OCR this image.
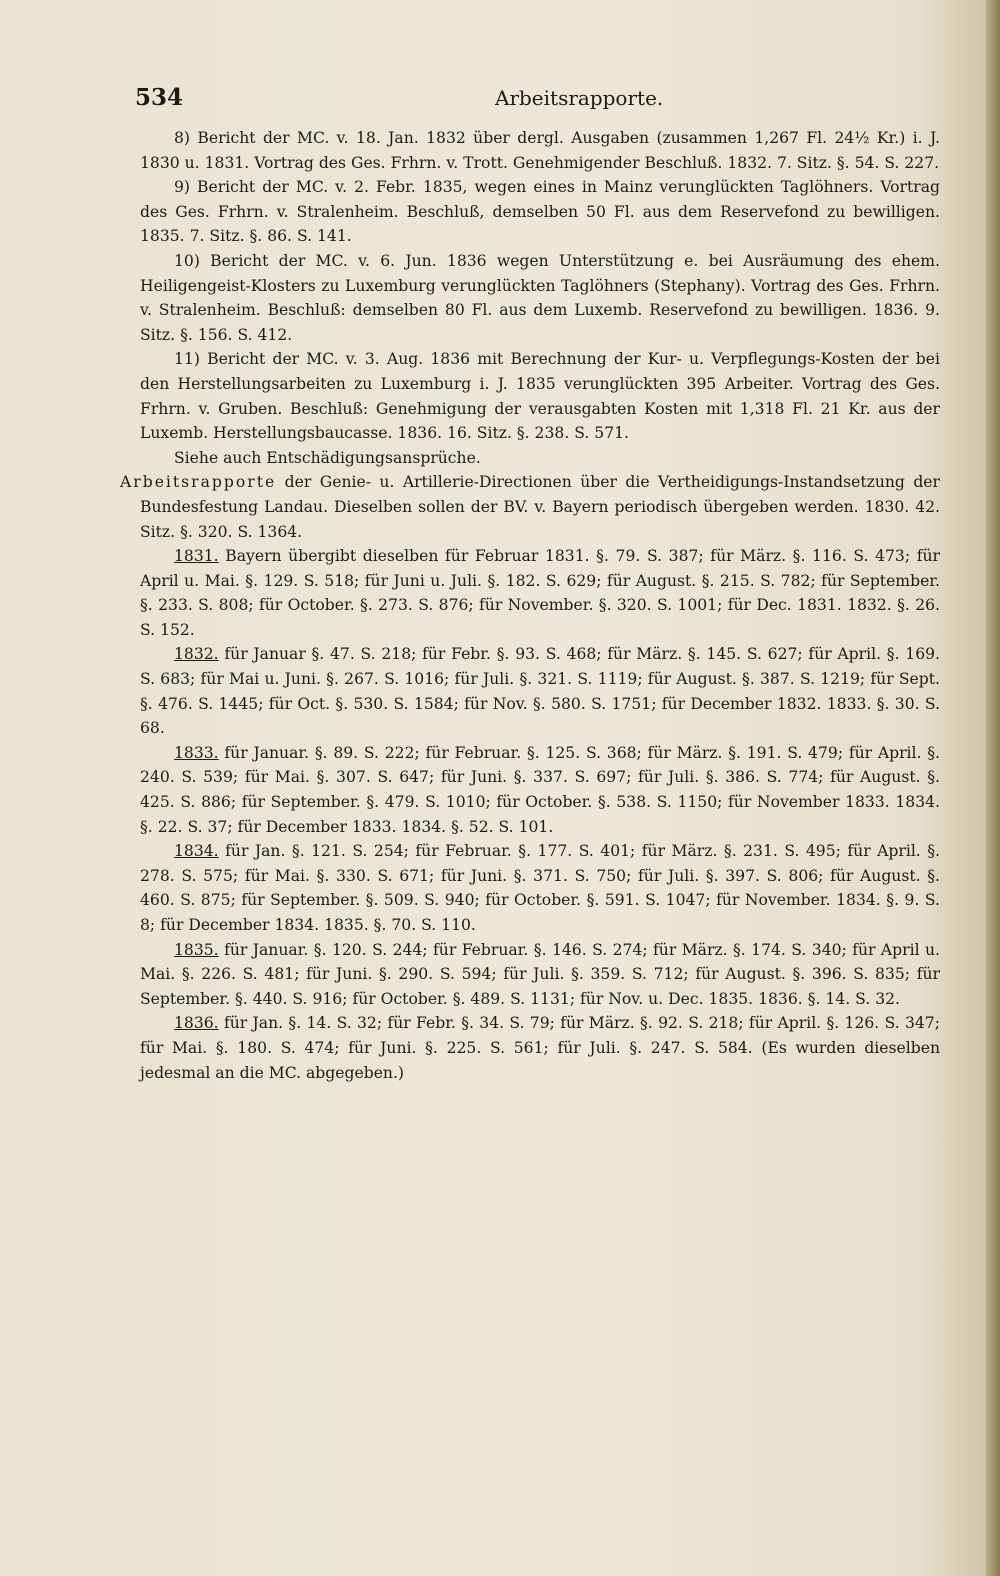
534	Arbeitsrapporte.

8) Bericht der MC. v. 18. Jan. 1832 über dergl. Ausgaben (zusammen 1,267 Fl. 24½ Kr.) i. J. 1830 u. 1831. Vortrag des Ges. Frhrn. v. Trott. Genehmigender Beschluß. 1832. 7. Sitz. §. 54. S. 227.

9) Bericht der MC. v. 2. Febr. 1835, wegen eines in Mainz verunglückten Taglöhners. Vortrag des Ges. Frhrn. v. Stralenheim. Beschluß, demselben 50 Fl. aus dem Reservefond zu bewilligen. 1835. 7. Sitz. §. 86. S. 141.

10) Bericht der MC. v. 6. Jun. 1836 wegen Unterstützung e. bei Ausräumung des ehem. Heiligengeist-Klosters zu Luxemburg verunglückten Taglöhners (Stephany). Vortrag des Ges. Frhrn. v. Stralenheim. Beschluß: demselben 80 Fl. aus dem Luxemb. Reservefond zu bewilligen. 1836. 9. Sitz. §. 156. S. 412.

11) Bericht der MC. v. 3. Aug. 1836 mit Berechnung der Kur- u. Verpflegungs-Kosten der bei den Herstellungsarbeiten zu Luxemburg i. J. 1835 verunglückten 395 Arbeiter. Vortrag des Ges. Frhrn. v. Gruben. Beschluß: Genehmigung der verausgabten Kosten mit 1,318 Fl. 21 Kr. aus der Luxemb. Herstellungsbaucasse. 1836. 16. Sitz. §. 238. S. 571.

Siehe auch Entschädigungsansprüche.

Arbeitsrapporte der Genie- u. Artillerie-Directionen über die Vertheidigungs-Instandsetzung der Bundesfestung Landau. Dieselben sollen der BV. v. Bayern periodisch übergeben werden. 1830. 42. Sitz. §. 320. S. 1364.

1831. Bayern übergibt dieselben für Februar 1831. §. 79. S. 387; für März. §. 116. S. 473; für April u. Mai. §. 129. S. 518; für Juni u. Juli. §. 182. S. 629; für August. §. 215. S. 782; für September. §. 233. S. 808; für October. §. 273. S. 876; für November. §. 320. S. 1001; für Dec. 1831. 1832. §. 26. S. 152.

1832. für Januar §. 47. S. 218; für Febr. §. 93. S. 468; für März. §. 145. S. 627; für April. §. 169. S. 683; für Mai u. Juni. §. 267. S. 1016; für Juli. §. 321. S. 1119; für August. §. 387. S. 1219; für Sept. §. 476. S. 1445; für Oct. §. 530. S. 1584; für Nov. §. 580. S. 1751; für December 1832. 1833. §. 30. S. 68.

1833. für Januar. §. 89. S. 222; für Februar. §. 125. S. 368; für März. §. 191. S. 479; für April. §. 240. S. 539; für Mai. §. 307. S. 647; für Juni. §. 337. S. 697; für Juli. §. 386. S. 774; für August. §. 425. S. 886; für September. §. 479. S. 1010; für October. §. 538. S. 1150; für November 1833. 1834. §. 22. S. 37; für December 1833. 1834. §. 52. S. 101.

1834. für Jan. §. 121. S. 254; für Februar. §. 177. S. 401; für März. §. 231. S. 495; für April. §. 278. S. 575; für Mai. §. 330. S. 671; für Juni. §. 371. S. 750; für Juli. §. 397. S. 806; für August. §. 460. S. 875; für September. §. 509. S. 940; für October. §. 591. S. 1047; für November. 1834. §. 9. S. 8; für December 1834. 1835. §. 70. S. 110.

1835. für Januar. §. 120. S. 244; für Februar. §. 146. S. 274; für März. §. 174. S. 340; für April u. Mai. §. 226. S. 481; für Juni. §. 290. S. 594; für Juli. §. 359. S. 712; für August. §. 396. S. 835; für September. §. 440. S. 916; für October. §. 489. S. 1131; für Nov. u. Dec. 1835. 1836. §. 14. S. 32.

1836. für Jan. §. 14. S. 32; für Febr. §. 34. S. 79; für März. §. 92. S. 218; für April. §. 126. S. 347; für Mai. §. 180. S. 474; für Juni. §. 225. S. 561; für Juli. §. 247. S. 584. (Es wurden dieselben jedesmal an die MC. abgegeben.)
